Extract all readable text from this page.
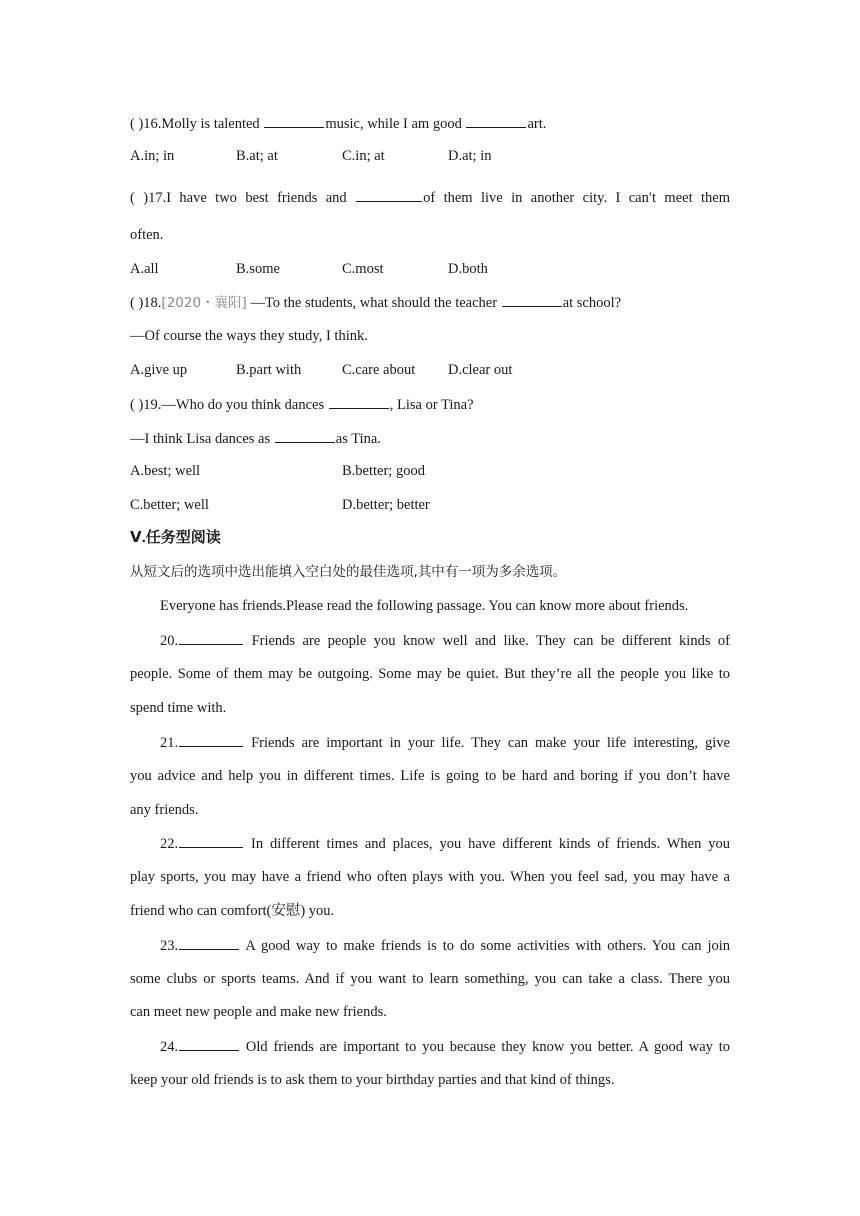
( )16.Molly is talented	music, while I am good	art.
A.in; in	B.at; at	C.in; at	D.at; in
( )17.I have two best friends and	of them live in another city. I can′t meet them
often.
A.all	B.some	C.most	D.both
( )18.[2020・襄阳] —To the students, what should the teacher	at school?
—Of course the ways they study, I think.
A.give up	B.part with	C.care about D.clear out
( )19.—Who do you think dances	, Lisa or Tina?
—I think Lisa dances as	as Tina.
A.best; well	B.better; good
C.better; well	D.better; better
Ⅴ.任务型阅读
从短文后的选项中选出能填入空白处的最佳选项,其中有一项为多余选项。
Everyone has friends.Please read the following passage. You can know more about friends.
20.	Friends are people you know well and like. They can be different kinds of
people. Some of them may be outgoing. Some may be quiet. But they’re all the people you like to
spend time with.
21.	Friends are important in your life. They can make your life interesting, give
you advice and help you in different times. Life is going to be hard and boring if you don’t have
any friends.
22.	In different times and places, you have different kinds of friends. When you
play sports, you may have a friend who often plays with you. When you feel sad, you may have a
friend who can comfort(安慰) you.
23.	A good way to make friends is to do some activities with others. You can join
some clubs or sports teams. And if you want to learn something, you can take a class. There you
can meet new people and make new friends.
24.	Old friends are important to you because they know you better. A good way to
keep your old friends is to ask them to your birthday parties and that kind of things.
